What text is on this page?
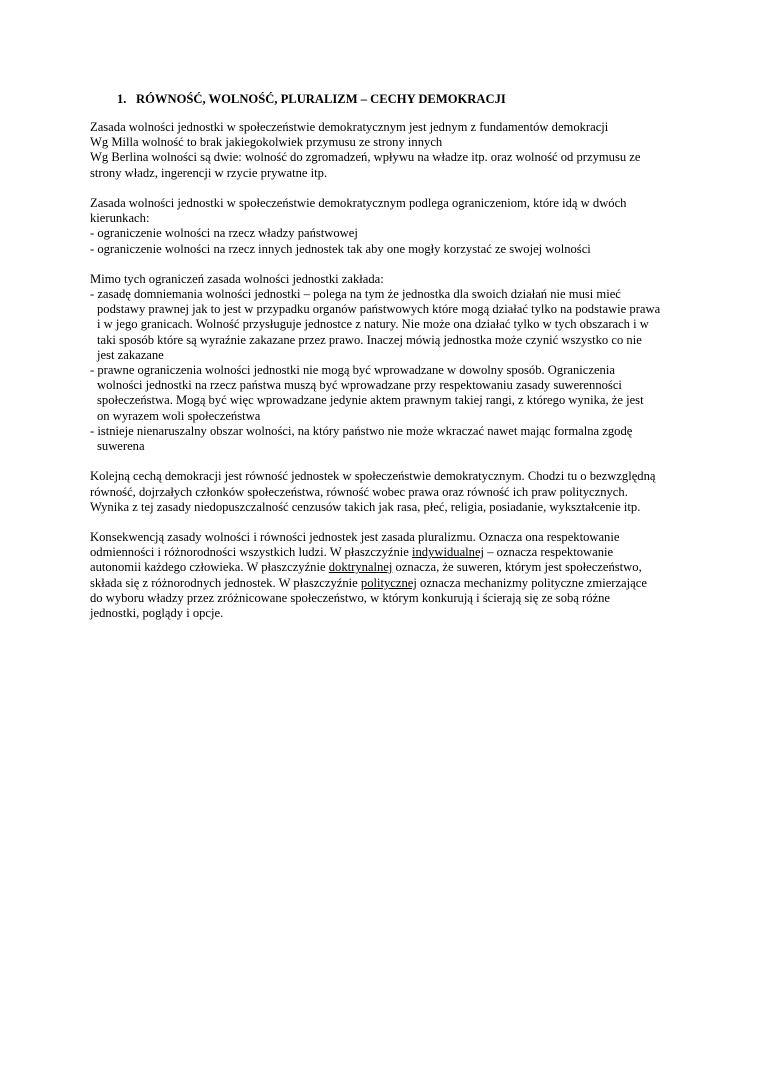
1. RÓWNOŚĆ, WOLNOŚĆ, PLURALIZM – CECHY DEMOKRACJI
Zasada wolności jednostki w społeczeństwie demokratycznym jest jednym z fundamentów demokracji
Wg Milla wolność to brak jakiegokolwiek przymusu ze strony innych
Wg Berlina wolności są dwie: wolność do zgromadzeń, wpływu na władze itp. oraz wolność od przymusu ze
strony władz, ingerencji w rzycie prywatne itp.
Zasada wolności jednostki w społeczeństwie demokratycznym podlega ograniczeniom, które idą w dwóch
kierunkach:
- ograniczenie wolności na rzecz władzy państwowej
- ograniczenie wolności na rzecz innych jednostek tak aby one mogły korzystać ze swojej wolności
Mimo tych ograniczeń zasada wolności jednostki zakłada:
- zasadę domniemania wolności jednostki – polega na tym że jednostka dla swoich działań nie musi mieć
podstawy prawnej jak to jest w przypadku organów państwowych które mogą działać tylko na podstawie prawa
i w jego granicach. Wolność przysługuje jednostce z natury. Nie może ona działać tylko w tych obszarach i w
taki sposób które są wyraźnie zakazane przez prawo. Inaczej mówią jednostka może czynić wszystko co nie
jest zakazane
- prawne ograniczenia wolności jednostki nie mogą być wprowadzane w dowolny sposób. Ograniczenia
wolności jednostki na rzecz państwa muszą być wprowadzane przy respektowaniu zasady suwerenności
społeczeństwa. Mogą być więc wprowadzane jedynie aktem prawnym takiej rangi, z którego wynika, że jest
on wyrazem woli społeczeństwa
- istnieje nienaruszalny obszar wolności, na który państwo nie może wkraczać nawet mając formalna zgodę
suwerena
Kolejną cechą demokracji jest równość jednostek w społeczeństwie demokratycznym. Chodzi tu o bezwzględną
równość, dojrzałych członków społeczeństwa, równość wobec prawa oraz równość ich praw politycznych.
Wynika z tej zasady niedopuszczalność cenzusów takich jak rasa, płeć, religia, posiadanie, wykształcenie itp.
Konsekwencją zasady wolności i równości jednostek jest zasada pluralizmu. Oznacza ona respektowanie
odmienności i różnorodności wszystkich ludzi. W płaszczyźnie indywidualnej – oznacza respektowanie
autonomii każdego człowieka. W płaszczyźnie doktrynalnej oznacza, że suweren, którym jest społeczeństwo,
składa się z różnorodnych jednostek. W płaszczyźnie politycznej oznacza mechanizmy polityczne zmierzające
do wyboru władzy przez zróżnicowane społeczeństwo, w którym konkurują i ścierają się ze sobą różne
jednostki, poglądy i opcje.
